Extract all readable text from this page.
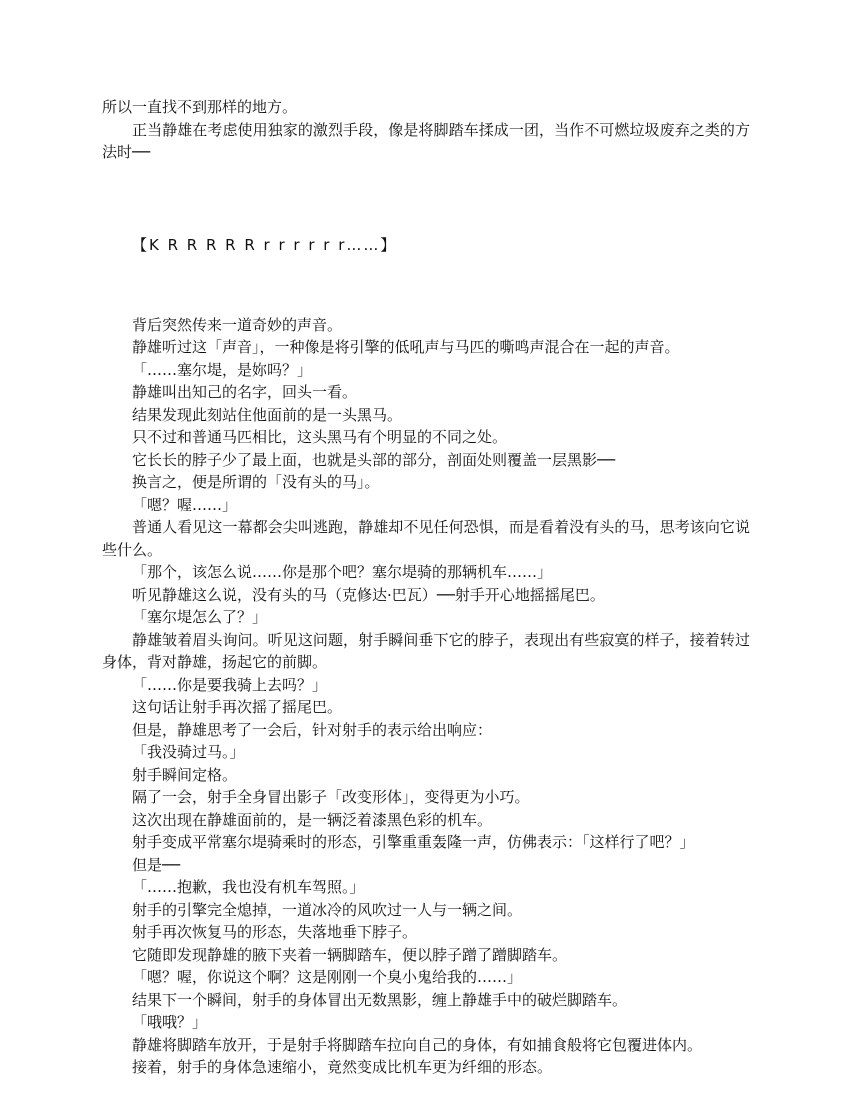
所以一直找不到那样的地方。

正当静雄在考虑使用独家的激烈手段，像是将脚踏车揉成一团，当作不可燃垃圾废弃之类的方法时──

【K R R R R R r r r r r r……】

背后突然传来一道奇妙的声音。

静雄听过这「声音」，一种像是将引擎的低吼声与马匹的嘶鸣声混合在一起的声音。

「……塞尔堤，是妳吗？」

静雄叫出知己的名字，回头一看。

结果发现此刻站住他面前的是一头黑马。

只不过和普通马匹相比，这头黑马有个明显的不同之处。

它长长的脖子少了最上面，也就是头部的部分，剖面处则覆盖一层黑影──

换言之，便是所谓的「没有头的马」。

「嗯？喔……」

普通人看见这一幕都会尖叫逃跑，静雄却不见任何恐惧，而是看着没有头的马，思考该向它说些什么。

「那个，该怎么说……你是那个吧？塞尔堤骑的那辆机车……」

听见静雄这么说，没有头的马（克修达·巴瓦）──射手开心地摇摇尾巴。

「塞尔堤怎么了？」

静雄皱着眉头询问。听见这问题，射手瞬间垂下它的脖子，表现出有些寂寞的样子，接着转过身体，背对静雄，扬起它的前脚。

「……你是要我骑上去吗？」

这句话让射手再次摇了摇尾巴。

但是，静雄思考了一会后，针对射手的表示给出响应：

「我没骑过马。」

射手瞬间定格。

隔了一会，射手全身冒出影子「改变形体」，变得更为小巧。

这次出现在静雄面前的，是一辆泛着漆黑色彩的机车。

射手变成平常塞尔堤骑乘时的形态，引擎重重轰隆一声，仿佛表示：「这样行了吧？」

但是──

「……抱歉，我也没有机车驾照。」

射手的引擎完全熄掉，一道冰冷的风吹过一人与一辆之间。

射手再次恢复马的形态，失落地垂下脖子。

它随即发现静雄的腋下夹着一辆脚踏车，便以脖子蹭了蹭脚踏车。

「嗯？喔，你说这个啊？这是刚刚一个臭小鬼给我的……」

结果下一个瞬间，射手的身体冒出无数黑影，缠上静雄手中的破烂脚踏车。

「哦哦？」

静雄将脚踏车放开，于是射手将脚踏车拉向自己的身体，有如捕食般将它包覆进体内。

接着，射手的身体急速缩小，竟然变成比机车更为纤细的形态。
